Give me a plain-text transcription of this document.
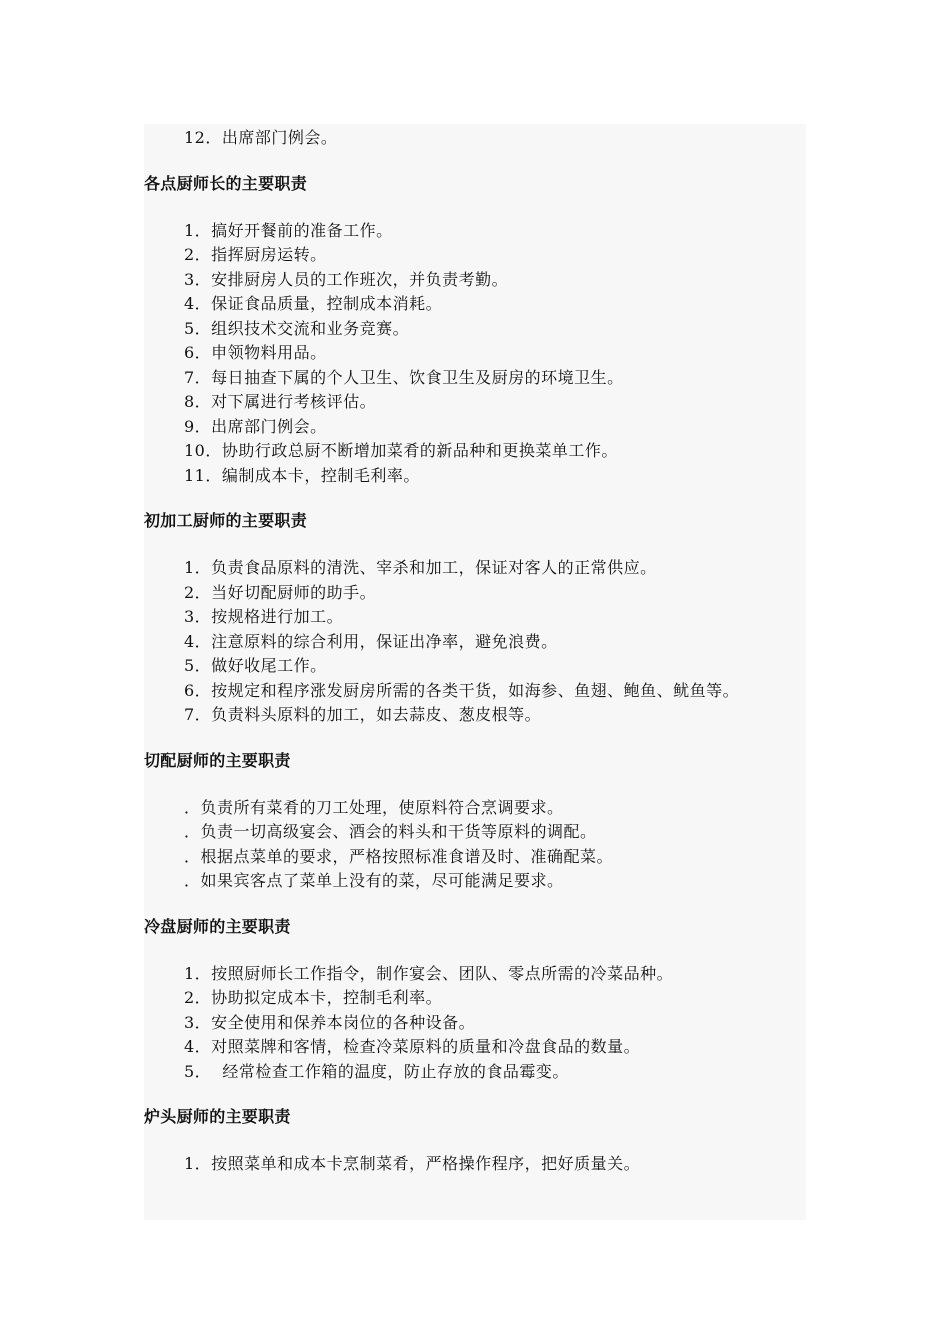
12．出席部门例会。
各点厨师长的主要职责
1．搞好开餐前的准备工作。
2．指挥厨房运转。
3．安排厨房人员的工作班次，并负责考勤。
4．保证食品质量，控制成本消耗。
5．组织技术交流和业务竞赛。
6．申领物料用品。
7．每日抽查下属的个人卫生、饮食卫生及厨房的环境卫生。
8．对下属进行考核评估。
9．出席部门例会。
10．协助行政总厨不断增加菜肴的新品种和更换菜单工作。
11．编制成本卡，控制毛利率。
初加工厨师的主要职责
1．负责食品原料的清洗、宰杀和加工，保证对客人的正常供应。
2．当好切配厨师的助手。
3．按规格进行加工。
4．注意原料的综合利用，保证出净率，避免浪费。
5．做好收尾工作。
6．按规定和程序涨发厨房所需的各类干货，如海参、鱼翅、鲍鱼、鱿鱼等。
7．负责料头原料的加工，如去蒜皮、葱皮根等。
切配厨师的主要职责
．负责所有菜肴的刀工处理，使原料符合烹调要求。
．负责一切高级宴会、酒会的料头和干货等原料的调配。
．根据点菜单的要求，严格按照标准食谱及时、准确配菜。
．如果宾客点了菜单上没有的菜，尽可能满足要求。
冷盘厨师的主要职责
1．按照厨师长工作指令，制作宴会、团队、零点所需的冷菜品种。
2．协助拟定成本卡，控制毛利率。
3．安全使用和保养本岗位的各种设备。
4．对照菜牌和客情，检查冷菜原料的质量和冷盘食品的数量。
5．  经常检查工作箱的温度，防止存放的食品霉变。
炉头厨师的主要职责
1．按照菜单和成本卡烹制菜肴，严格操作程序，把好质量关。
